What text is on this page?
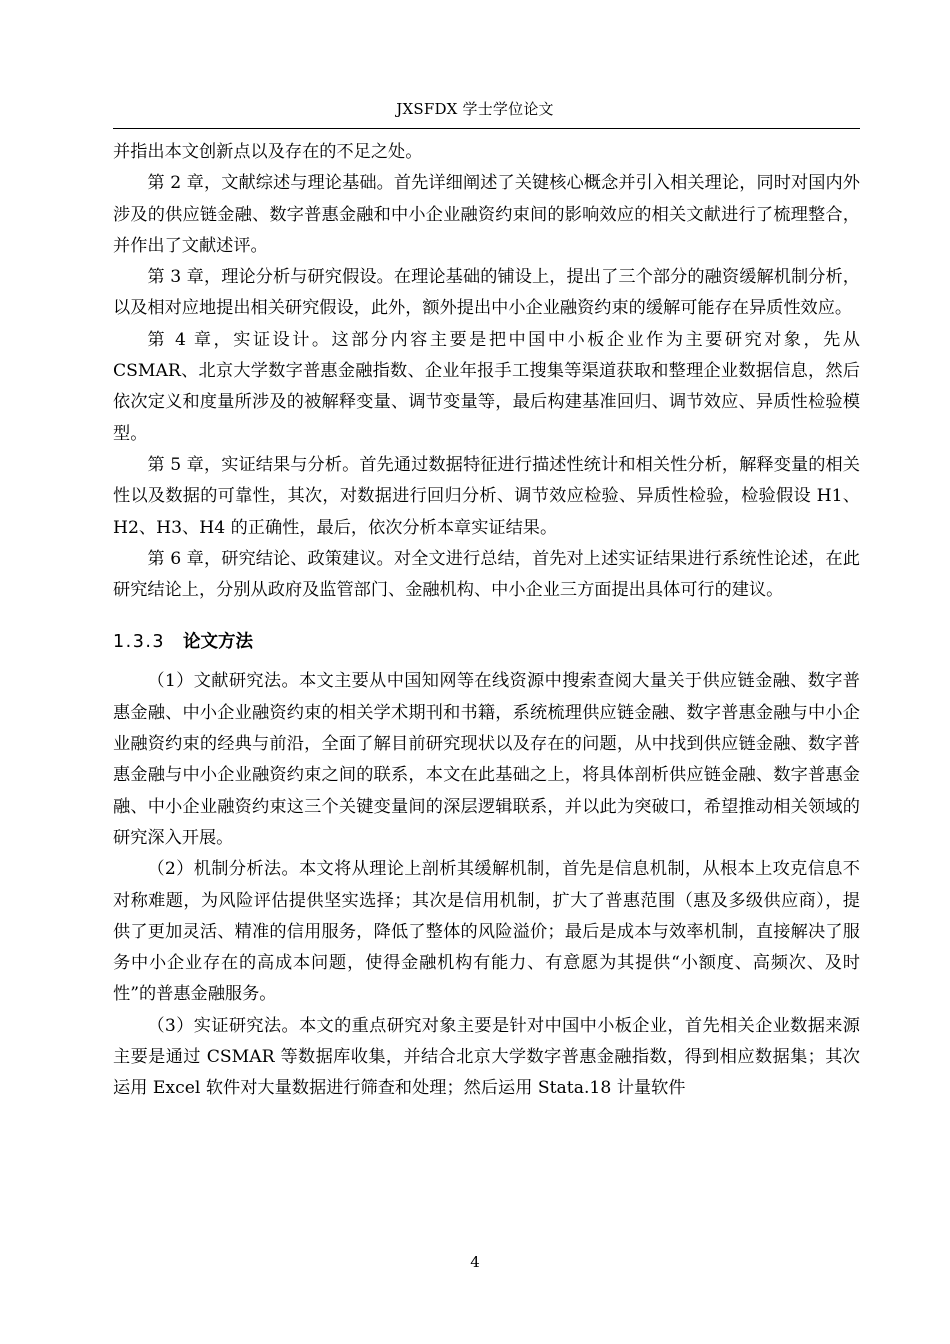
JXSFDX 学士学位论文

并指出本文创新点以及存在的不足之处。

第 2 章，文献综述与理论基础。首先详细阐述了关键核心概念并引入相关理论，同时对国内外涉及的供应链金融、数字普惠金融和中小企业融资约束间的影响效应的相关文献进行了梳理整合，并作出了文献述评。

第 3 章，理论分析与研究假设。在理论基础的铺设上，提出了三个部分的融资缓解机制分析，以及相对应地提出相关研究假设，此外，额外提出中小企业融资约束的缓解可能存在异质性效应。

第 4 章，实证设计。这部分内容主要是把中国中小板企业作为主要研究对象，先从 CSMAR、北京大学数字普惠金融指数、企业年报手工搜集等渠道获取和整理企业数据信息，然后依次定义和度量所涉及的被解释变量、调节变量等，最后构建基准回归、调节效应、异质性检验模型。

第 5 章，实证结果与分析。首先通过数据特征进行描述性统计和相关性分析，解释变量的相关性以及数据的可靠性，其次，对数据进行回归分析、调节效应检验、异质性检验，检验假设 H1、H2、H3、H4 的正确性，最后，依次分析本章实证结果。

第 6 章，研究结论、政策建议。对全文进行总结，首先对上述实证结果进行系统性论述，在此研究结论上，分别从政府及监管部门、金融机构、中小企业三方面提出具体可行的建议。

1.3.3 论文方法

（1）文献研究法。本文主要从中国知网等在线资源中搜索查阅大量关于供应链金融、数字普惠金融、中小企业融资约束的相关学术期刊和书籍，系统梳理供应链金融、数字普惠金融与中小企业融资约束的经典与前沿，全面了解目前研究现状以及存在的问题，从中找到供应链金融、数字普惠金融与中小企业融资约束之间的联系，本文在此基础之上，将具体剖析供应链金融、数字普惠金融、中小企业融资约束这三个关键变量间的深层逻辑联系，并以此为突破口，希望推动相关领域的研究深入开展。

（2）机制分析法。本文将从理论上剖析其缓解机制，首先是信息机制，从根本上攻克信息不对称难题，为风险评估提供坚实选择；其次是信用机制，扩大了普惠范围（惠及多级供应商），提供了更加灵活、精准的信用服务，降低了整体的风险溢价；最后是成本与效率机制，直接解决了服务中小企业存在的高成本问题，使得金融机构有能力、有意愿为其提供“小额度、高频次、及时性”的普惠金融服务。

（3）实证研究法。本文的重点研究对象主要是针对中国中小板企业，首先相关企业数据来源主要是通过 CSMAR 等数据库收集，并结合北京大学数字普惠金融指数，得到相应数据集；其次运用 Excel 软件对大量数据进行筛查和处理；然后运用 Stata.18 计量软件

4
